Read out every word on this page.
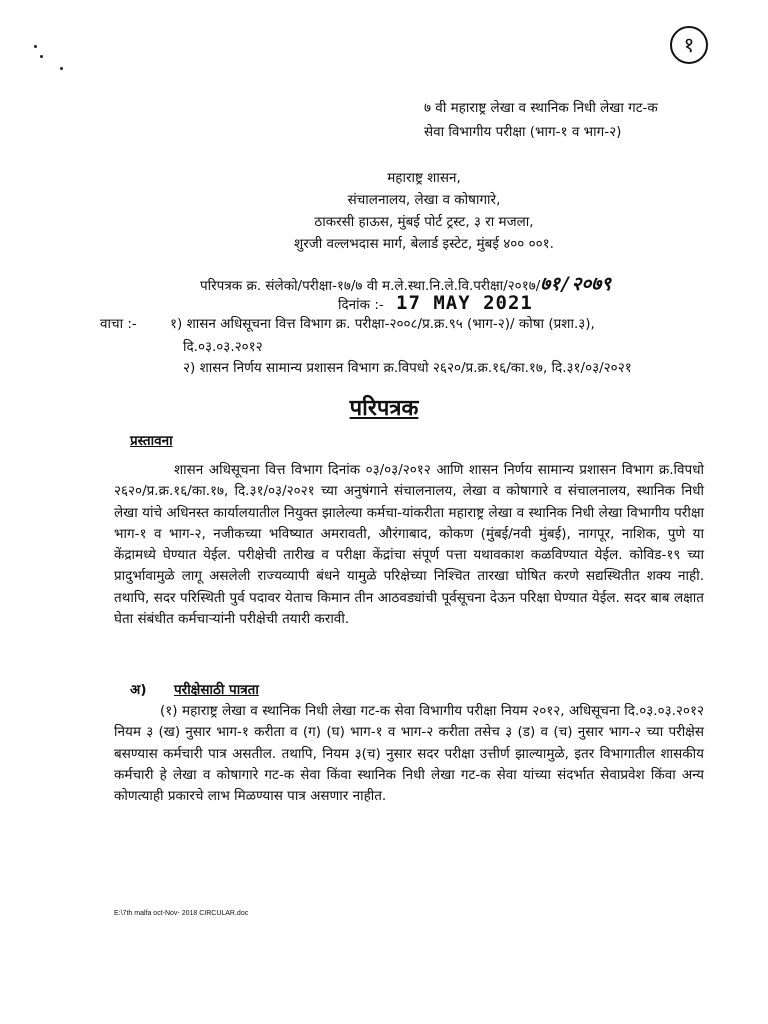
१
७ वी महाराष्ट्र लेखा व स्थानिक निधी लेखा गट-क
सेवा विभागीय परीक्षा (भाग-१ व भाग-२)
महाराष्ट्र शासन,
संचालनालय, लेखा व कोषागारे,
ठाकरसी हाऊस, मुंबई पोर्ट ट्रस्ट, ३ रा मजला,
शुरजी वल्लभदास मार्ग, बेलार्ड इस्टेट, मुंबई ४०० ००१.
परिपत्रक क्र. संलेको/परीक्षा-१७/७ वी म.ले.स्था.नि.ले.वि.परीक्षा/२०१७/७१/२०७९
दिनांक :- 17 MAY 2021
वाचा :- १) शासन अधिसूचना वित्त विभाग क्र. परीक्षा-२००८/प्र.क्र.९५ (भाग-२)/ कोषा (प्रशा.३),
दि.०३.०३.२०१२
२) शासन निर्णय सामान्य प्रशासन विभाग क्र.विपधो २६२०/प्र.क्र.१६/का.१७, दि.३१/०३/२०२१
परिपत्रक
प्रस्तावना

शासन अधिसूचना वित्त विभाग दिनांक ०३/०३/२०१२ आणि शासन निर्णय सामान्य प्रशासन विभाग क्र.विपधो २६२०/प्र.क्र.१६/का.१७, दि.३१/०३/२०२१ च्या अनुषंगाने संचालनालय, लेखा व कोषागारे व संचालनालय, स्थानिक निधी लेखा यांचे अधिनस्त कार्यालयातील नियुक्त झालेल्या कर्मचा-यांकरीता महाराष्ट्र लेखा व स्थानिक निधी लेखा विभागीय परीक्षा भाग-१ व भाग-२, नजीकच्या भविष्यात अमरावती, औरंगाबाद, कोकण (मुंबई/नवी मुंबई), नागपूर, नाशिक, पुणे या केंद्रामध्ये घेण्यात येईल. परीक्षेची तारीख व परीक्षा केंद्रांचा संपूर्ण पत्ता यथावकाश कळविण्यात येईल. कोविड-१९ च्या प्रादुर्भावामुळे लागू असलेली राज्यव्यापी बंधने यामुळे परिक्षेच्या निश्चित तारखा घोषित करणे सद्यस्थितीत शक्य नाही. तथापि, सदर परिस्थिती पुर्व पदावर येताच किमान तीन आठवड्यांची पूर्वसूचना देऊन परिक्षा घेण्यात येईल. सदर बाब लक्षात घेता संबंधीत कर्मचाऱ्यांनी परीक्षेची तयारी करावी.

अ) परीक्षेसाठी पात्रता

(१) महाराष्ट्र लेखा व स्थानिक निधी लेखा गट-क सेवा विभागीय परीक्षा नियम २०१२, अधिसूचना दि.०३.०३.२०१२ नियम ३ (ख) नुसार भाग-१ करीता व (ग) (घ) भाग-१ व भाग-२ करीता तसेच ३ (ड) व (च) नुसार भाग-२ च्या परीक्षेस बसण्यास कर्मचारी पात्र असतील. तथापि, नियम ३(च) नुसार सदर परीक्षा उत्तीर्ण झाल्यामुळे, इतर विभागातील शासकीय कर्मचारी हे लेखा व कोषागारे गट-क सेवा किंवा स्थानिक निधी लेखा गट-क सेवा यांच्या संदर्भात सेवाप्रवेश किंवा अन्य कोणत्याही प्रकारचे लाभ मिळण्यास पात्र असणार नाहीत.

E:\7th malfa oct-Nov- 2018 CIRCULAR.doc
